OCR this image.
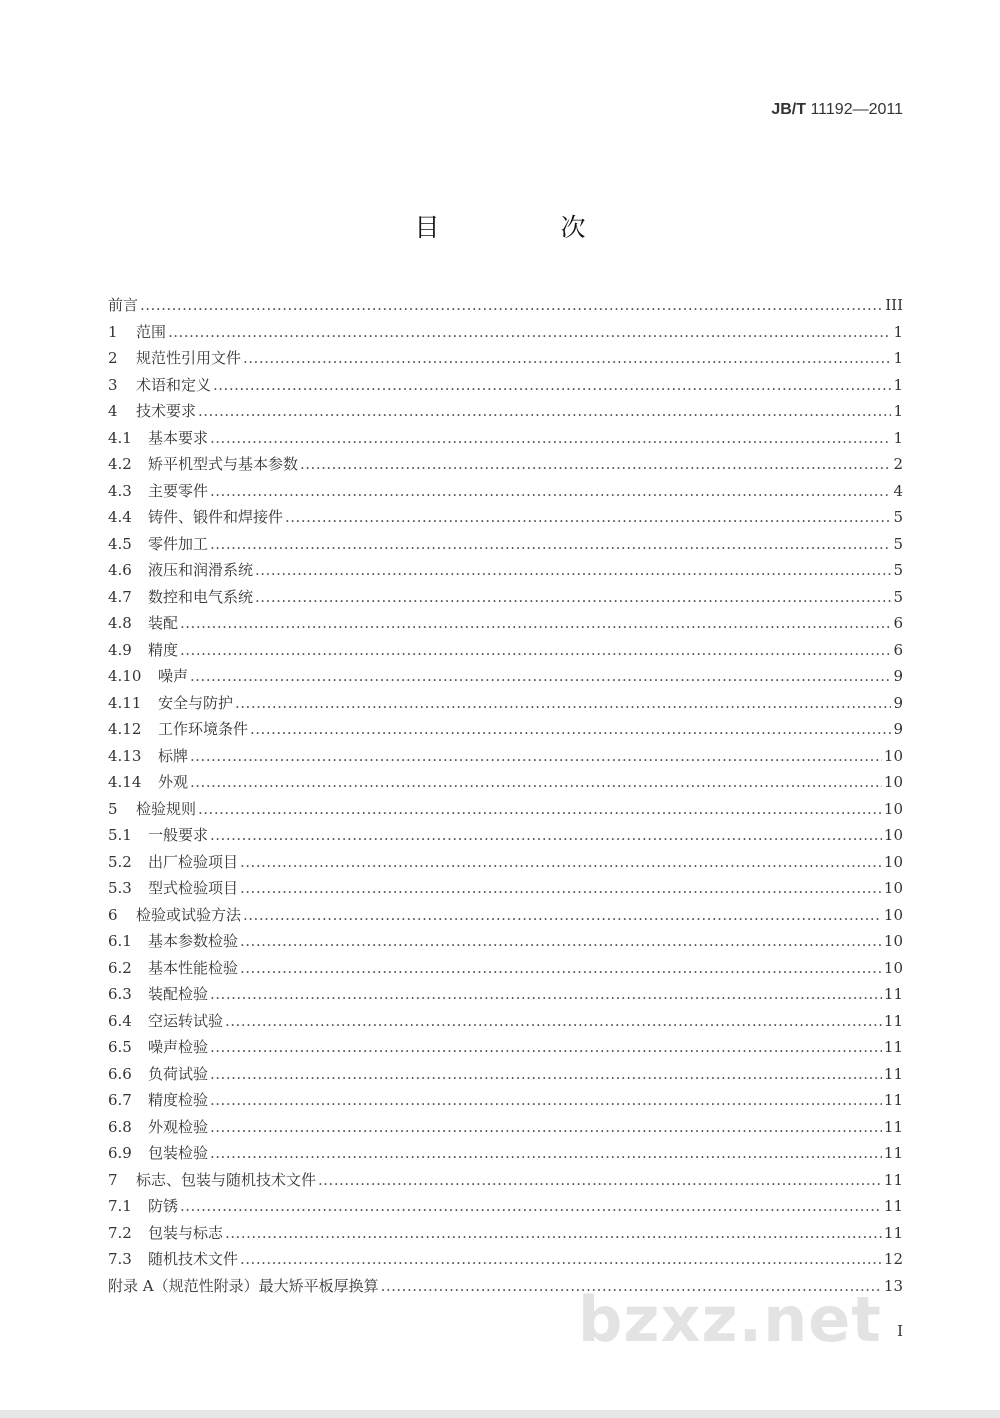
JB/T 11192—2011
目　次
前言 .....	III
1	范围 .....	1
2	规范性引用文件 .....	1
3	术语和定义 .....	1
4	技术要求 .....	1
4.1	基本要求 .....	1
4.2	矫平机型式与基本参数 .....	2
4.3	主要零件 .....	4
4.4	铸件、锻件和焊接件 .....	5
4.5	零件加工 .....	5
4.6	液压和润滑系统 .....	5
4.7	数控和电气系统 .....	5
4.8	装配 .....	6
4.9	精度 .....	6
4.10	噪声 .....	9
4.11	安全与防护 .....	9
4.12	工作环境条件 .....	9
4.13	标牌 .....	10
4.14	外观 .....	10
5	检验规则 .....	10
5.1	一般要求 .....	10
5.2	出厂检验项目 .....	10
5.3	型式检验项目 .....	10
6	检验或试验方法 .....	10
6.1	基本参数检验 .....	10
6.2	基本性能检验 .....	10
6.3	装配检验 .....	11
6.4	空运转试验 .....	11
6.5	噪声检验 .....	11
6.6	负荷试验 .....	11
6.7	精度检验 .....	11
6.8	外观检验 .....	11
6.9	包装检验 .....	11
7	标志、包装与随机技术文件 .....	11
7.1	防锈 .....	11
7.2	包装与标志 .....	11
7.3	随机技术文件 .....	12
附录 A（规范性附录）最大矫平板厚换算 .....	13
bzxz.net I
